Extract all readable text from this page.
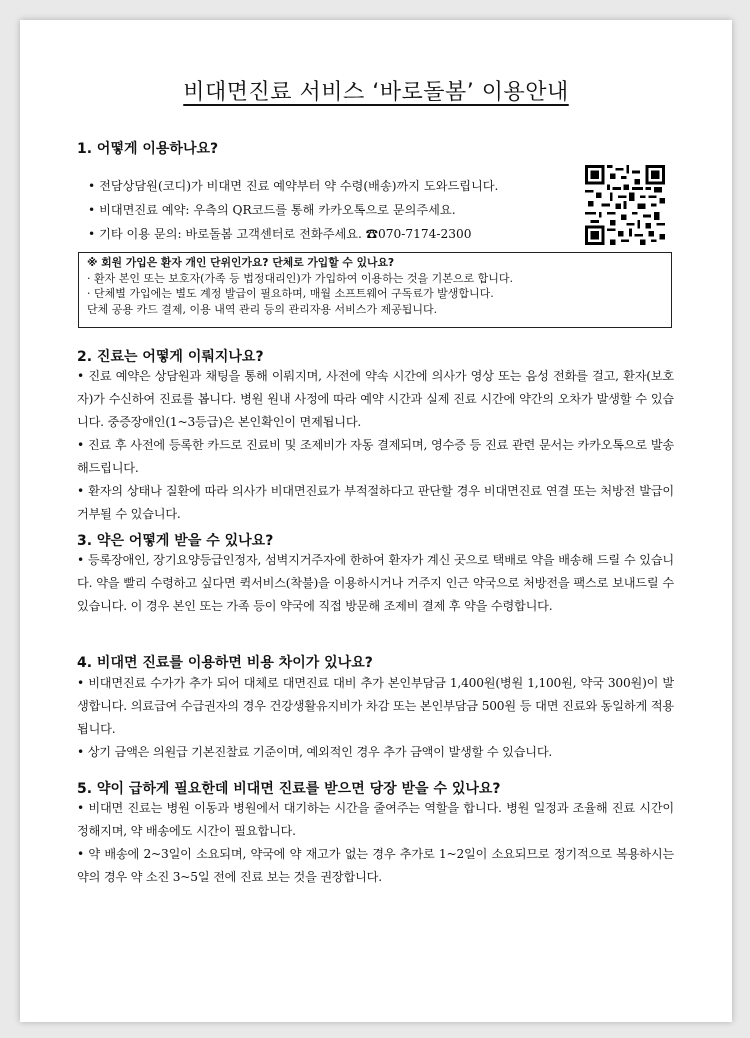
비대면진료 서비스 ‘바로돌봄’ 이용안내
1. 어떻게 이용하나요?
• 전담상담원(코디)가 비대면 진료 예약부터 약 수령(배송)까지 도와드립니다.
• 비대면진료 예약: 우측의 QR코드를 통해 카카오톡으로 문의주세요.
• 기타 이용 문의: 바로돌봄 고객센터로 전화주세요. ☎070-7174-2300
※ 회원 가입은 환자 개인 단위인가요? 단체로 가입할 수 있나요?
· 환자 본인 또는 보호자(가족 등 법정대리인)가 가입하여 이용하는 것을 기본으로 합니다.
· 단체별 가입에는 별도 계정 발급이 필요하며, 매월 소프트웨어 구독료가 발생합니다.
단체 공용 카드 결제, 이용 내역 관리 등의 관리자용 서비스가 제공됩니다.
2. 진료는 어떻게 이뤄지나요?
• 진료 예약은 상담원과 채팅을 통해 이뤄지며, 사전에 약속 시간에 의사가 영상 또는 음성 전화를 걸고, 환자(보호자)가 수신하여 진료를 봅니다. 병원 원내 사정에 따라 예약 시간과 실제 진료 시간에 약간의 오차가 발생할 수 있습니다. 중증장애인(1~3등급)은 본인확인이 면제됩니다.
• 진료 후 사전에 등록한 카드로 진료비 및 조제비가 자동 결제되며, 영수증 등 진료 관련 문서는 카카오톡으로 발송해드립니다.
• 환자의 상태나 질환에 따라 의사가 비대면진료가 부적절하다고 판단할 경우 비대면진료 연결 또는 처방전 발급이 거부될 수 있습니다.
3. 약은 어떻게 받을 수 있나요?
• 등록장애인, 장기요양등급인정자, 섬벽지거주자에 한하여 환자가 계신 곳으로 택배로 약을 배송해 드릴 수 있습니다. 약을 빨리 수령하고 싶다면 퀵서비스(착불)을 이용하시거나 거주지 인근 약국으로 처방전을 팩스로 보내드릴 수 있습니다. 이 경우 본인 또는 가족 등이 약국에 직접 방문해 조제비 결제 후 약을 수령합니다.
4. 비대면 진료를 이용하면 비용 차이가 있나요?
• 비대면진료 수가가 추가 되어 대체로 대면진료 대비 추가 본인부담금 1,400원(병원 1,100원, 약국 300원)이 발생합니다. 의료급여 수급권자의 경우 건강생활유지비가 차감 또는 본인부담금 500원 등 대면 진료와 동일하게 적용됩니다.
• 상기 금액은 의원급 기본진찰료 기준이며, 예외적인 경우 추가 금액이 발생할 수 있습니다.
5. 약이 급하게 필요한데 비대면 진료를 받으면 당장 받을 수 있나요?
• 비대면 진료는 병원 이동과 병원에서 대기하는 시간을 줄여주는 역할을 합니다. 병원 일정과 조율해 진료 시간이 정해지며, 약 배송에도 시간이 필요합니다.
• 약 배송에 2~3일이 소요되며, 약국에 약 재고가 없는 경우 추가로 1~2일이 소요되므로 정기적으로 복용하시는 약의 경우 약 소진 3~5일 전에 진료 보는 것을 권장합니다.
